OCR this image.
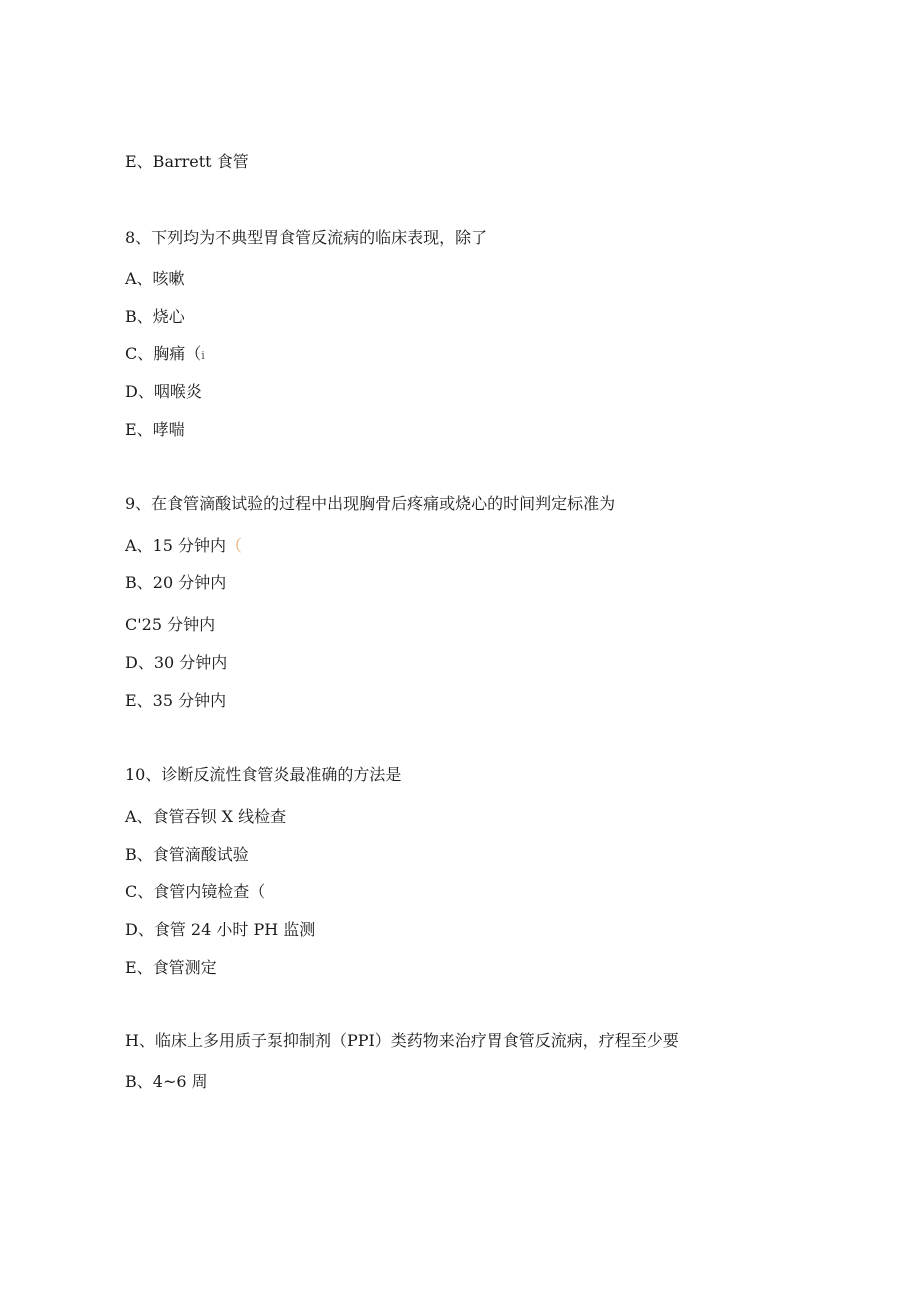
E、Barrett 食管
8、下列均为不典型胃食管反流病的临床表现，除了
A、咳嗽
B、烧心
C、胸痛（i
D、咽喉炎
E、哮喘
9、在食管滴酸试验的过程中出现胸骨后疼痛或烧心的时间判定标准为
A、15 分钟内（
B、20 分钟内
C'25 分钟内
D、30 分钟内
E、35 分钟内
10、诊断反流性食管炎最准确的方法是
A、食管吞钡 X 线检查
B、食管滴酸试验
C、食管内镜检查（
D、食管 24 小时 PH 监测
E、食管测定
H、临床上多用质子泵抑制剂（PPI）类药物来治疗胃食管反流病，疗程至少要
B、4~6 周
